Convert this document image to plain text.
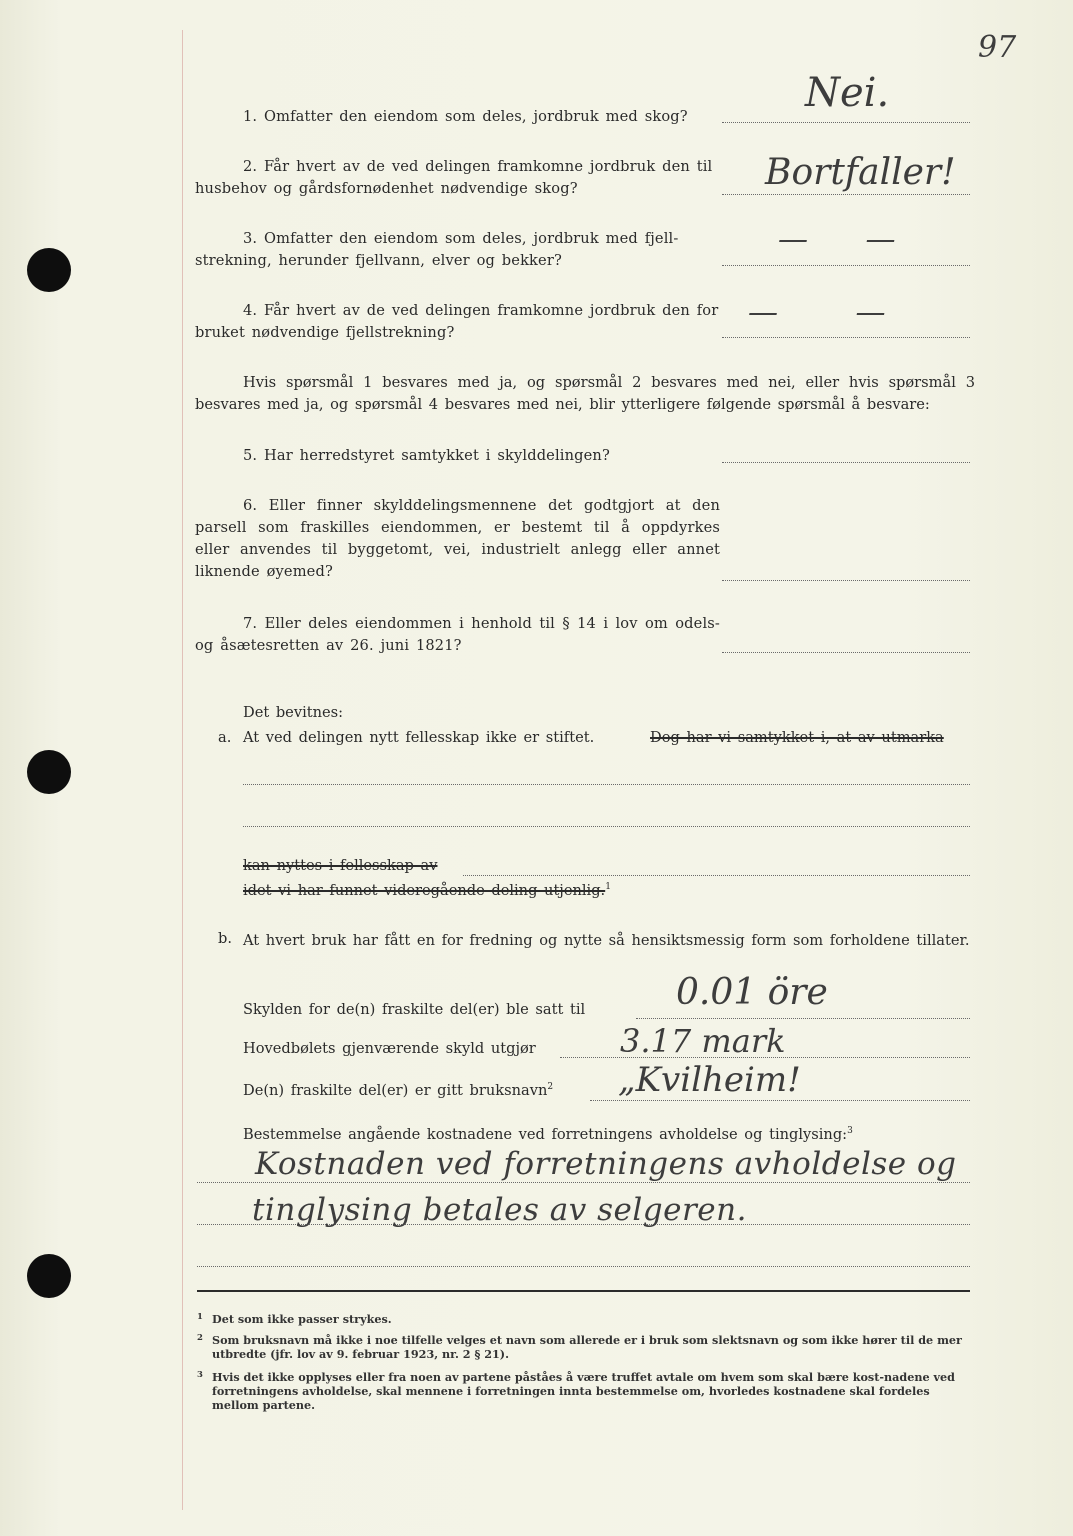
97
1. Omfatter den eiendom som deles, jordbruk med skog?
Nei.
2. Får hvert av de ved delingen framkomne jordbruk den til husbehov og gårdsfornødenhet nødvendige skog?	Bortfaller!
3. Omfatter den eiendom som deles, jordbruk med fjell-strekning, herunder fjellvann, elver og bekker?
— —
4. Får hvert av de ved delingen framkomne jordbruk den for bruket nødvendige fjellstrekning?
— —
Hvis spørsmål 1 besvares med ja, og spørsmål 2 besvares med nei, eller hvis spørsmål 3 besvares med ja, og spørsmål 4 besvares med nei, blir ytterligere følgende spørsmål å besvare:
5. Har herredstyret samtykket i skylddelingen?
6. Eller finner skylddelingsmennene det godtgjort at den parsell som fraskilles eiendommen, er bestemt til å oppdyrkes eller anvendes til byggetomt, vei, industrielt anlegg eller annet liknende øyemed?
7. Eller deles eiendommen i henhold til § 14 i lov om odels- og åsætesretten av 26. juni 1821?
Det bevitnes:
a. At ved delingen nytt fellesskap ikke er stiftet.	Dog har vi samtykket i, at av utmarka
kan nyttes i fellesskap av
idet vi har funnet videregående deling utjenlig.$^1$
b. At hvert bruk har fått en for fredning og nytte så hensiktsmessig form som forholdene tillater.
Skylden for de(n) fraskilte del(er) ble satt til	0.01 öre
Hovedbølets gjenværende skyld utgjør	3.17 mark
De(n) fraskilte del(er) er gitt bruksnavn$^2$ „Kvilheim!
Bestemmelse angående kostnadene ved forretningens avholdelse og tinglysing:$^3$
Kostnaden ved forretningens avholdelse og
tinglysing betales av selgeren.
1 Det som ikke passer strykes.
2 Som bruksnavn må ikke i noe tilfelle velges et navn som allerede er i bruk som slektsnavn og som ikke hører til de mer utbredte (jfr. lov av 9. februar 1923, nr. 2 § 21).
3 Hvis det ikke opplyses eller fra noen av partene påståes å være truffet avtale om hvem som skal bære kost-nadene ved forretningens avholdelse, skal mennene i forretningen innta bestemmelse om, hvorledes kostnadene skal fordeles mellom partene.
